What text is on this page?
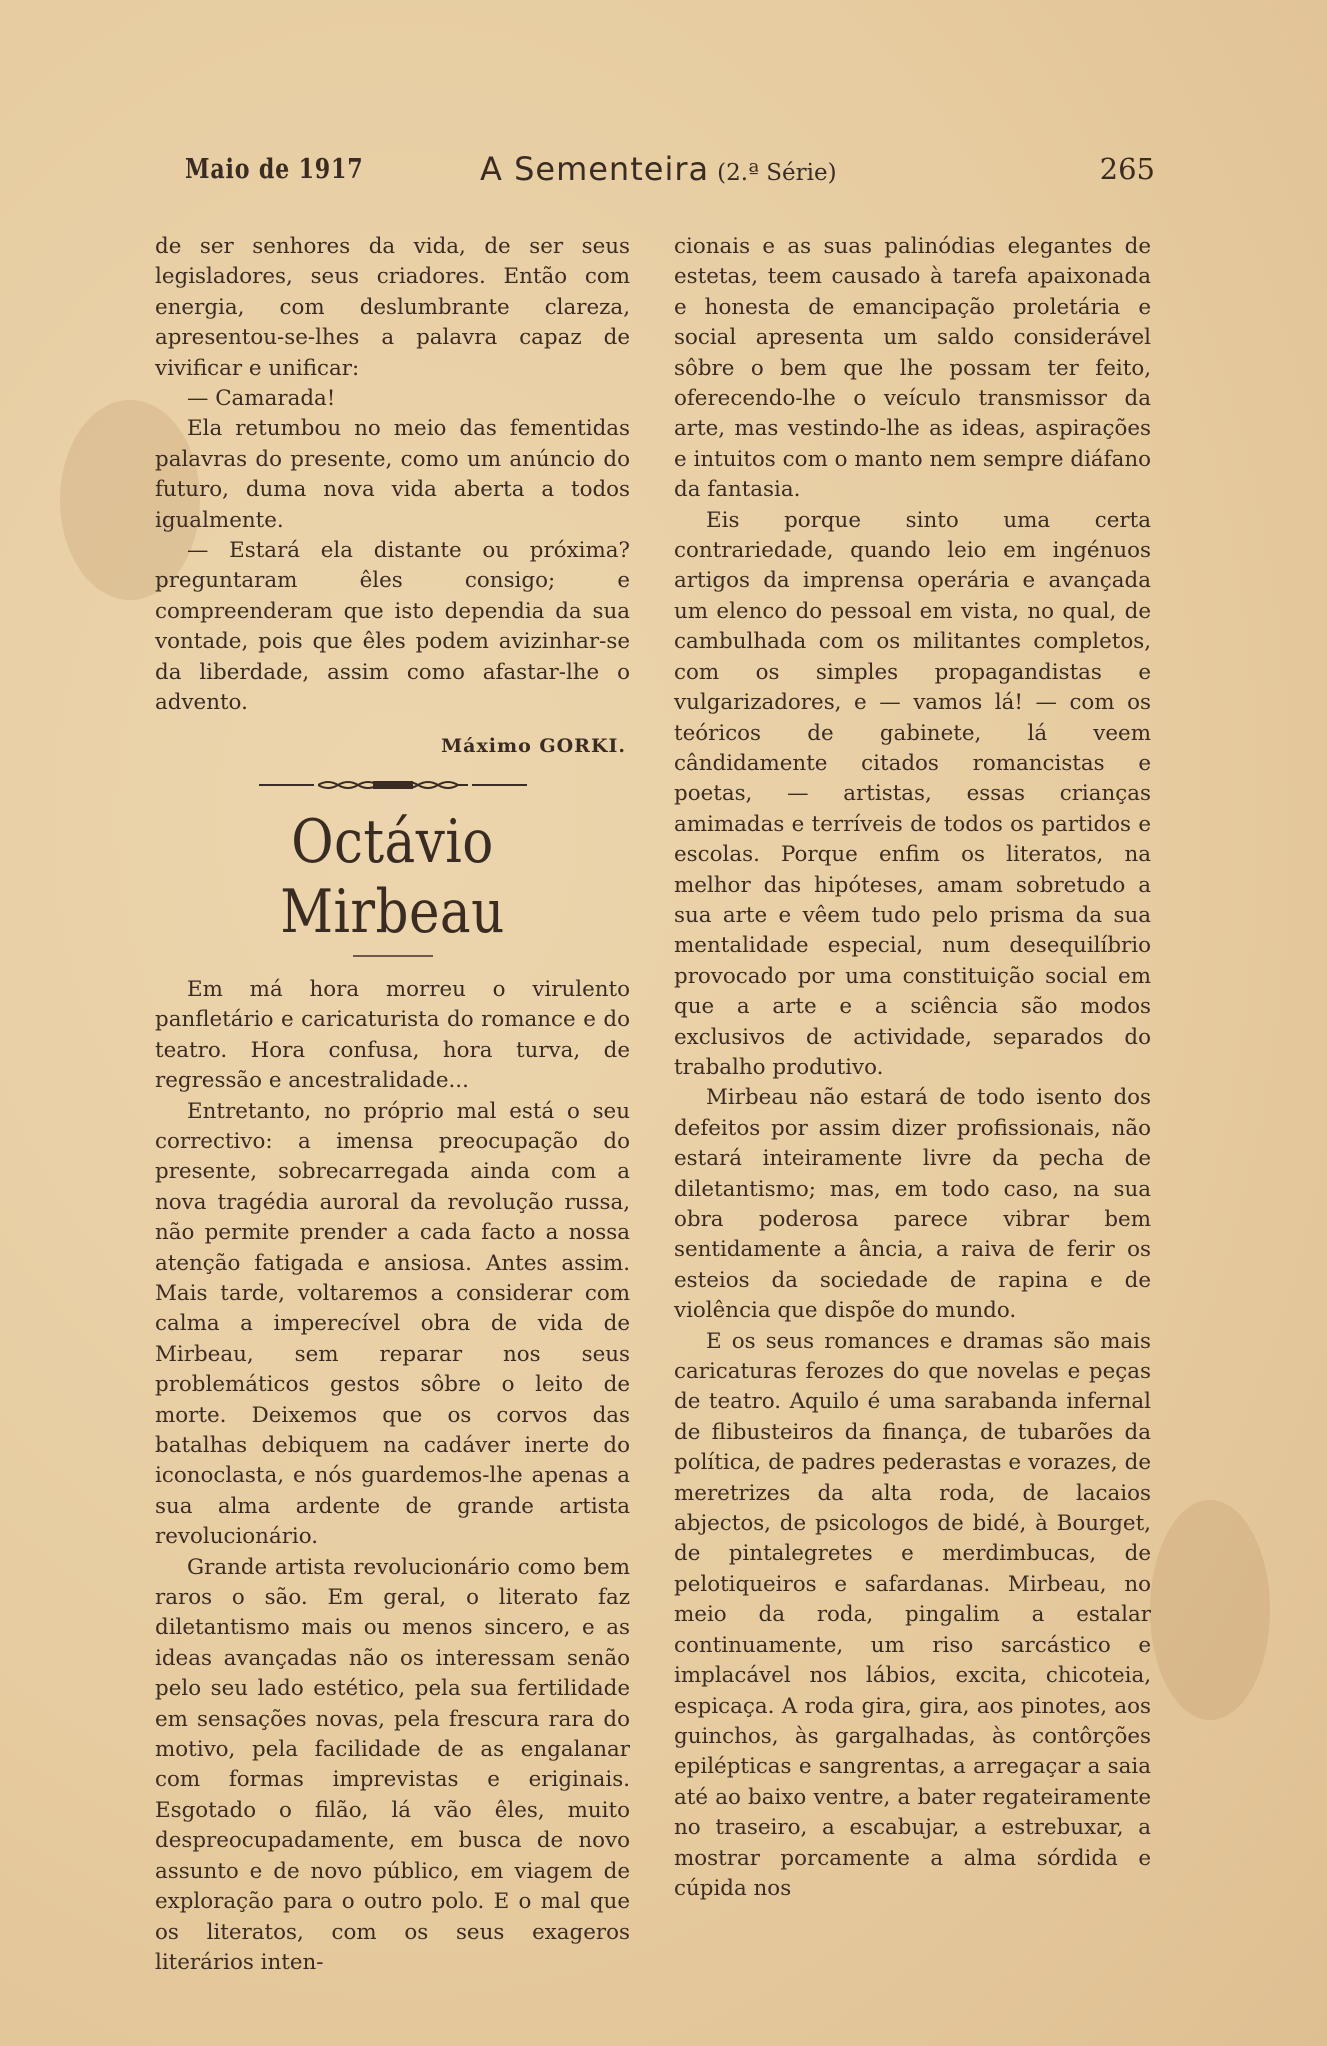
Maio de 1917	A Sementeira (2.ª Série)	265

de ser senhores da vida, de ser seus legisladores, seus criadores. Então com energia, com deslumbrante clareza, apresentou-se-lhes a palavra capaz de vivificar e unificar:

— Camarada!

Ela retumbou no meio das fementidas palavras do presente, como um anúncio do futuro, duma nova vida aberta a todos igualmente.

— Estará ela distante ou próxima? preguntaram êles consigo; e compreenderam que isto dependia da sua vontade, pois que êles podem avizinhar-se da liberdade, assim como afastar-lhe o advento.

Máximo GORKI.
Octávio Mirbeau

Em má hora morreu o virulento panfletário e caricaturista do romance e do teatro. Hora confusa, hora turva, de regressão e ancestralidade...

Entretanto, no próprio mal está o seu correctivo: a imensa preocupação do presente, sobrecarregada ainda com a nova tragédia auroral da revolução russa, não permite prender a cada facto a nossa atenção fatigada e ansiosa. Antes assim. Mais tarde, voltaremos a considerar com calma a imperecível obra de vida de Mirbeau, sem reparar nos seus problemáticos gestos sôbre o leito de morte. Deixemos que os corvos das batalhas debiquem na cadáver inerte do iconoclasta, e nós guardemos-lhe apenas a sua alma ardente de grande artista revolucionário.

Grande artista revolucionário como bem raros o são. Em geral, o literato faz diletantismo mais ou menos sincero, e as ideas avançadas não os interessam senão pelo seu lado estético, pela sua fertilidade em sensações novas, pela frescura rara do motivo, pela facilidade de as engalanar com formas imprevistas e eriginais. Esgotado o filão, lá vão êles, muito despreocupadamente, em busca de novo assunto e de novo público, em viagem de exploração para o outro polo. E o mal que os literatos, com os seus exageros literários inten-

cionais e as suas palinódias elegantes de estetas, teem causado à tarefa apaixonada e honesta de emancipação proletária e social apresenta um saldo considerável sôbre o bem que lhe possam ter feito, oferecendo-lhe o veículo transmissor da arte, mas vestindo-lhe as ideas, aspirações e intuitos com o manto nem sempre diáfano da fantasia.

Eis porque sinto uma certa contrariedade, quando leio em ingénuos artigos da imprensa operária e avançada um elenco do pessoal em vista, no qual, de cambulhada com os militantes completos, com os simples propagandistas e vulgarizadores, e — vamos lá! — com os teóricos de gabinete, lá veem cândidamente citados romancistas e poetas, — artistas, essas crianças amimadas e terríveis de todos os partidos e escolas. Porque enfim os literatos, na melhor das hipóteses, amam sobretudo a sua arte e vêem tudo pelo prisma da sua mentalidade especial, num desequilíbrio provocado por uma constituição social em que a arte e a sciência são modos exclusivos de actividade, separados do trabalho produtivo.

Mirbeau não estará de todo isento dos defeitos por assim dizer profissionais, não estará inteiramente livre da pecha de diletantismo; mas, em todo caso, na sua obra poderosa parece vibrar bem sentidamente a ância, a raiva de ferir os esteios da sociedade de rapina e de violência que dispõe do mundo.

E os seus romances e dramas são mais caricaturas ferozes do que novelas e peças de teatro. Aquilo é uma sarabanda infernal de flibusteiros da finança, de tubarões da política, de padres pederastas e vorazes, de meretrizes da alta roda, de lacaios abjectos, de psicologos de bidé, à Bourget, de pintalegretes e merdimbucas, de pelotiqueiros e safardanas. Mirbeau, no meio da roda, pingalim a estalar continuamente, um riso sarcástico e implacável nos lábios, excita, chicoteia, espicaça. A roda gira, gira, aos pinotes, aos guinchos, às gargalhadas, às contôrções epilépticas e sangrentas, a arregaçar a saia até ao baixo ventre, a bater regateiramente no traseiro, a escabujar, a estrebuxar, a mostrar porcamente a alma sórdida e cúpida nos
